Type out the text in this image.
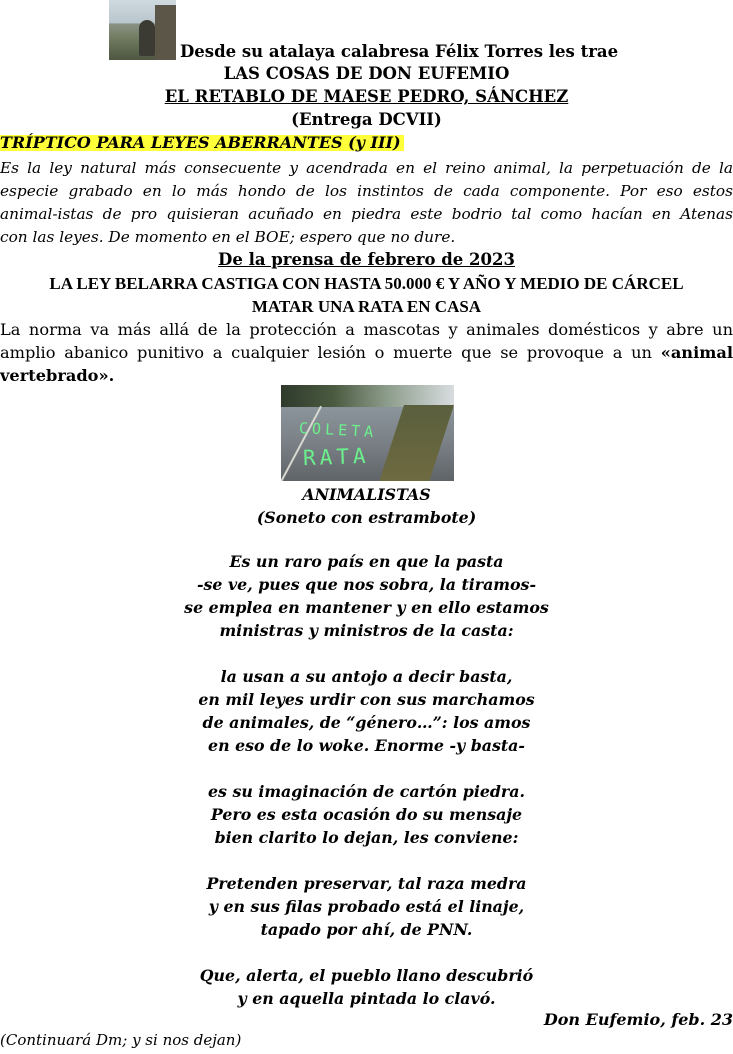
Desde su atalaya calabresa Félix Torres les trae
LAS COSAS DE DON EUFEMIO
EL RETABLO DE MAESE PEDRO, SÁNCHEZ
(Entrega DCVII)
TRÍPTICO PARA LEYES ABERRANTES (y III)
Es la ley natural más consecuente y acendrada en el reino animal, la perpetuación de la
especie grabado en lo más hondo de los instintos de cada componente. Por eso estos
animal-istas de pro quisieran acuñado en piedra este bodrio tal como hacían en Atenas
con las leyes. De momento en el BOE; espero que no dure.
De la prensa de febrero de 2023
LA LEY BELARRA CASTIGA CON HASTA 50.000 € Y AÑO Y MEDIO DE CÁRCEL
MATAR UNA RATA EN CASA
La norma va más allá de la protección a mascotas y animales domésticos y abre un
amplio abanico punitivo a cualquier lesión o muerte que se provoque a un «animal
vertebrado».
COLETA
RATA
ANIMALISTAS
(Soneto con estrambote)
Es un raro país en que la pasta
-se ve, pues que nos sobra, la tiramos-
se emplea en mantener y en ello estamos
ministras y ministros de la casta:
la usan a su antojo a decir basta,
en mil leyes urdir con sus marchamos
de animales, de “género…”: los amos
en eso de lo woke. Enorme -y basta-
es su imaginación de cartón piedra.
Pero es esta ocasión do su mensaje
bien clarito lo dejan, les conviene:
Pretenden preservar, tal raza medra
y en sus filas probado está el linaje,
tapado por ahí, de PNN.
Que, alerta, el pueblo llano descubrió
y en aquella pintada lo clavó.
Don Eufemio, feb. 23
(Continuará Dm; y si nos dejan)
